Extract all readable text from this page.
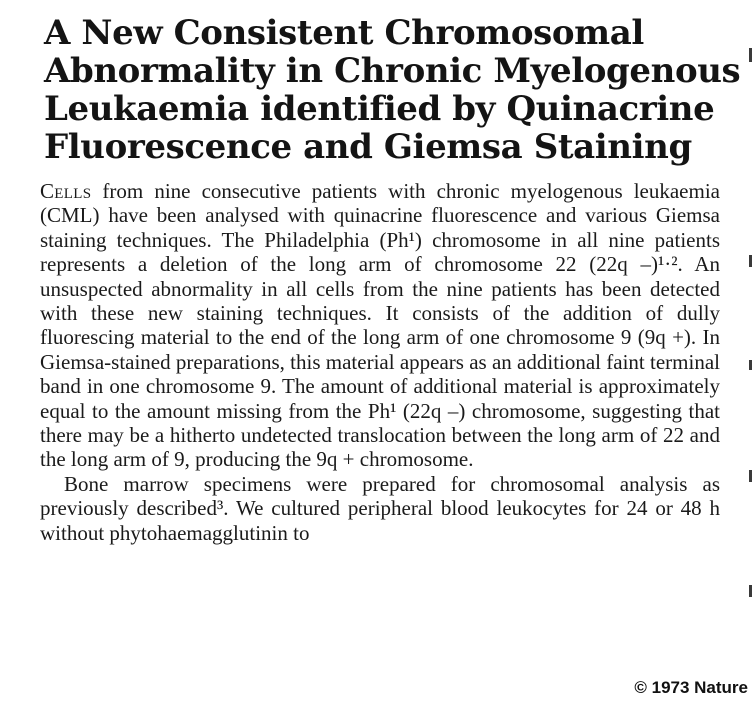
A New Consistent Chromosomal
Abnormality in Chronic Myelogenous
Leukaemia identified by Quinacrine
Fluorescence and Giemsa Staining

Cells from nine consecutive patients with chronic myelogenous leukaemia (CML) have been analysed with quinacrine fluorescence and various Giemsa staining techniques. The Philadelphia (Ph¹) chromosome in all nine patients represents a deletion of the long arm of chromosome 22 (22q –)¹·². An unsuspected abnormality in all cells from the nine patients has been detected with these new staining techniques. It consists of the addition of dully fluorescing material to the end of the long arm of one chromosome 9 (9q +). In Giemsa-stained preparations, this material appears as an additional faint terminal band in one chromosome 9. The amount of additional material is approximately equal to the amount missing from the Ph¹ (22q –) chromosome, suggesting that there may be a hitherto undetected translocation between the long arm of 22 and the long arm of 9, producing the 9q + chromosome.

Bone marrow specimens were prepared for chromosomal analysis as previously described³. We cultured peripheral blood leukocytes for 24 or 48 h without phytohaemagglutinin to

© 1973 Nature
